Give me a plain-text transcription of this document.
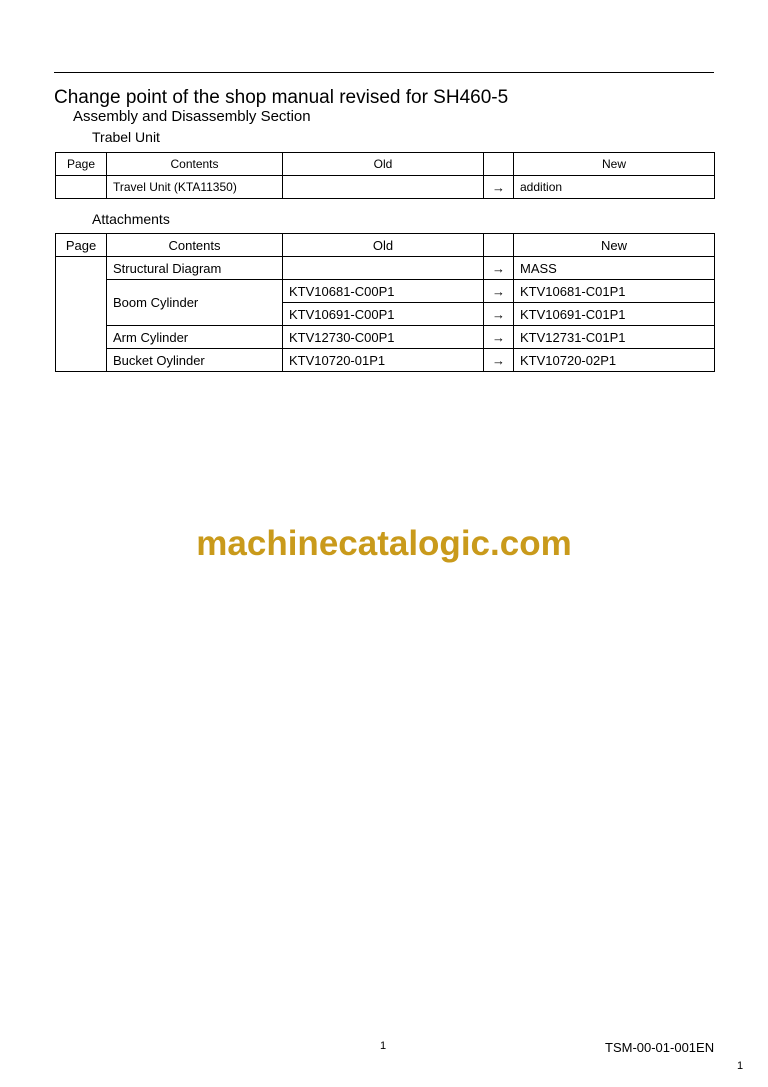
Change point of the shop manual revised for SH460-5
Assembly and Disassembly Section
Trabel Unit
Page	Contents	Old		New
	Travel Unit (KTA11350)		→	addition
Attachments
Page	Contents	Old		New
	Structural Diagram		→	MASS
	Boom Cylinder	KTV10681-C00P1	→	KTV10681-C01P1
		KTV10691-C00P1	→	KTV10691-C01P1
	Arm Cylinder	KTV12730-C00P1	→	KTV12731-C01P1
	Bucket Oylinder	KTV10720-01P1	→	KTV10720-02P1
machinecatalogic.com
1	TSM-00-01-001EN
1
